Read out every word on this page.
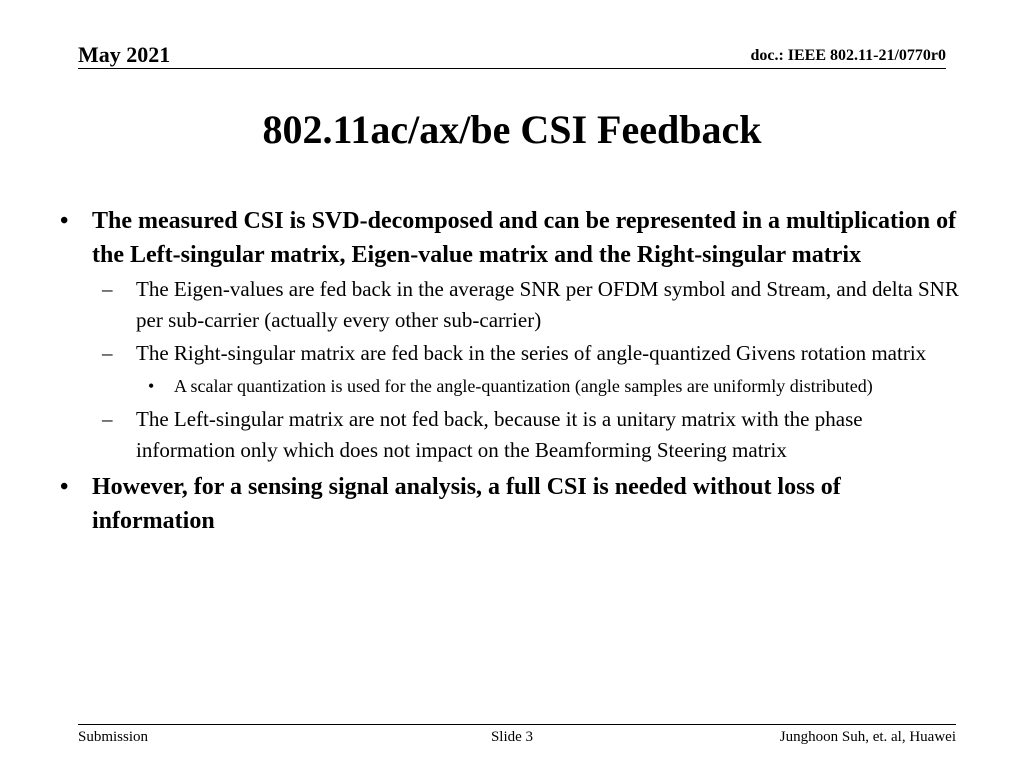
May 2021	doc.: IEEE 802.11-21/0770r0
802.11ac/ax/be CSI Feedback
• The measured CSI is SVD-decomposed and can be represented in a multiplication of the Left-singular matrix, Eigen-value matrix and the Right-singular matrix
– The Eigen-values are fed back in the average SNR per OFDM symbol and Stream, and delta SNR per sub-carrier (actually every other sub-carrier)
– The Right-singular matrix are fed back in the series of angle-quantized Givens rotation matrix
• A scalar quantization is used for the angle-quantization (angle samples are uniformly distributed)
– The Left-singular matrix are not fed back, because it is a unitary matrix with the phase information only which does not impact on the Beamforming Steering matrix
• However, for a sensing signal analysis, a full CSI is needed without loss of information
Submission	Slide 3	Junghoon Suh, et. al, Huawei
